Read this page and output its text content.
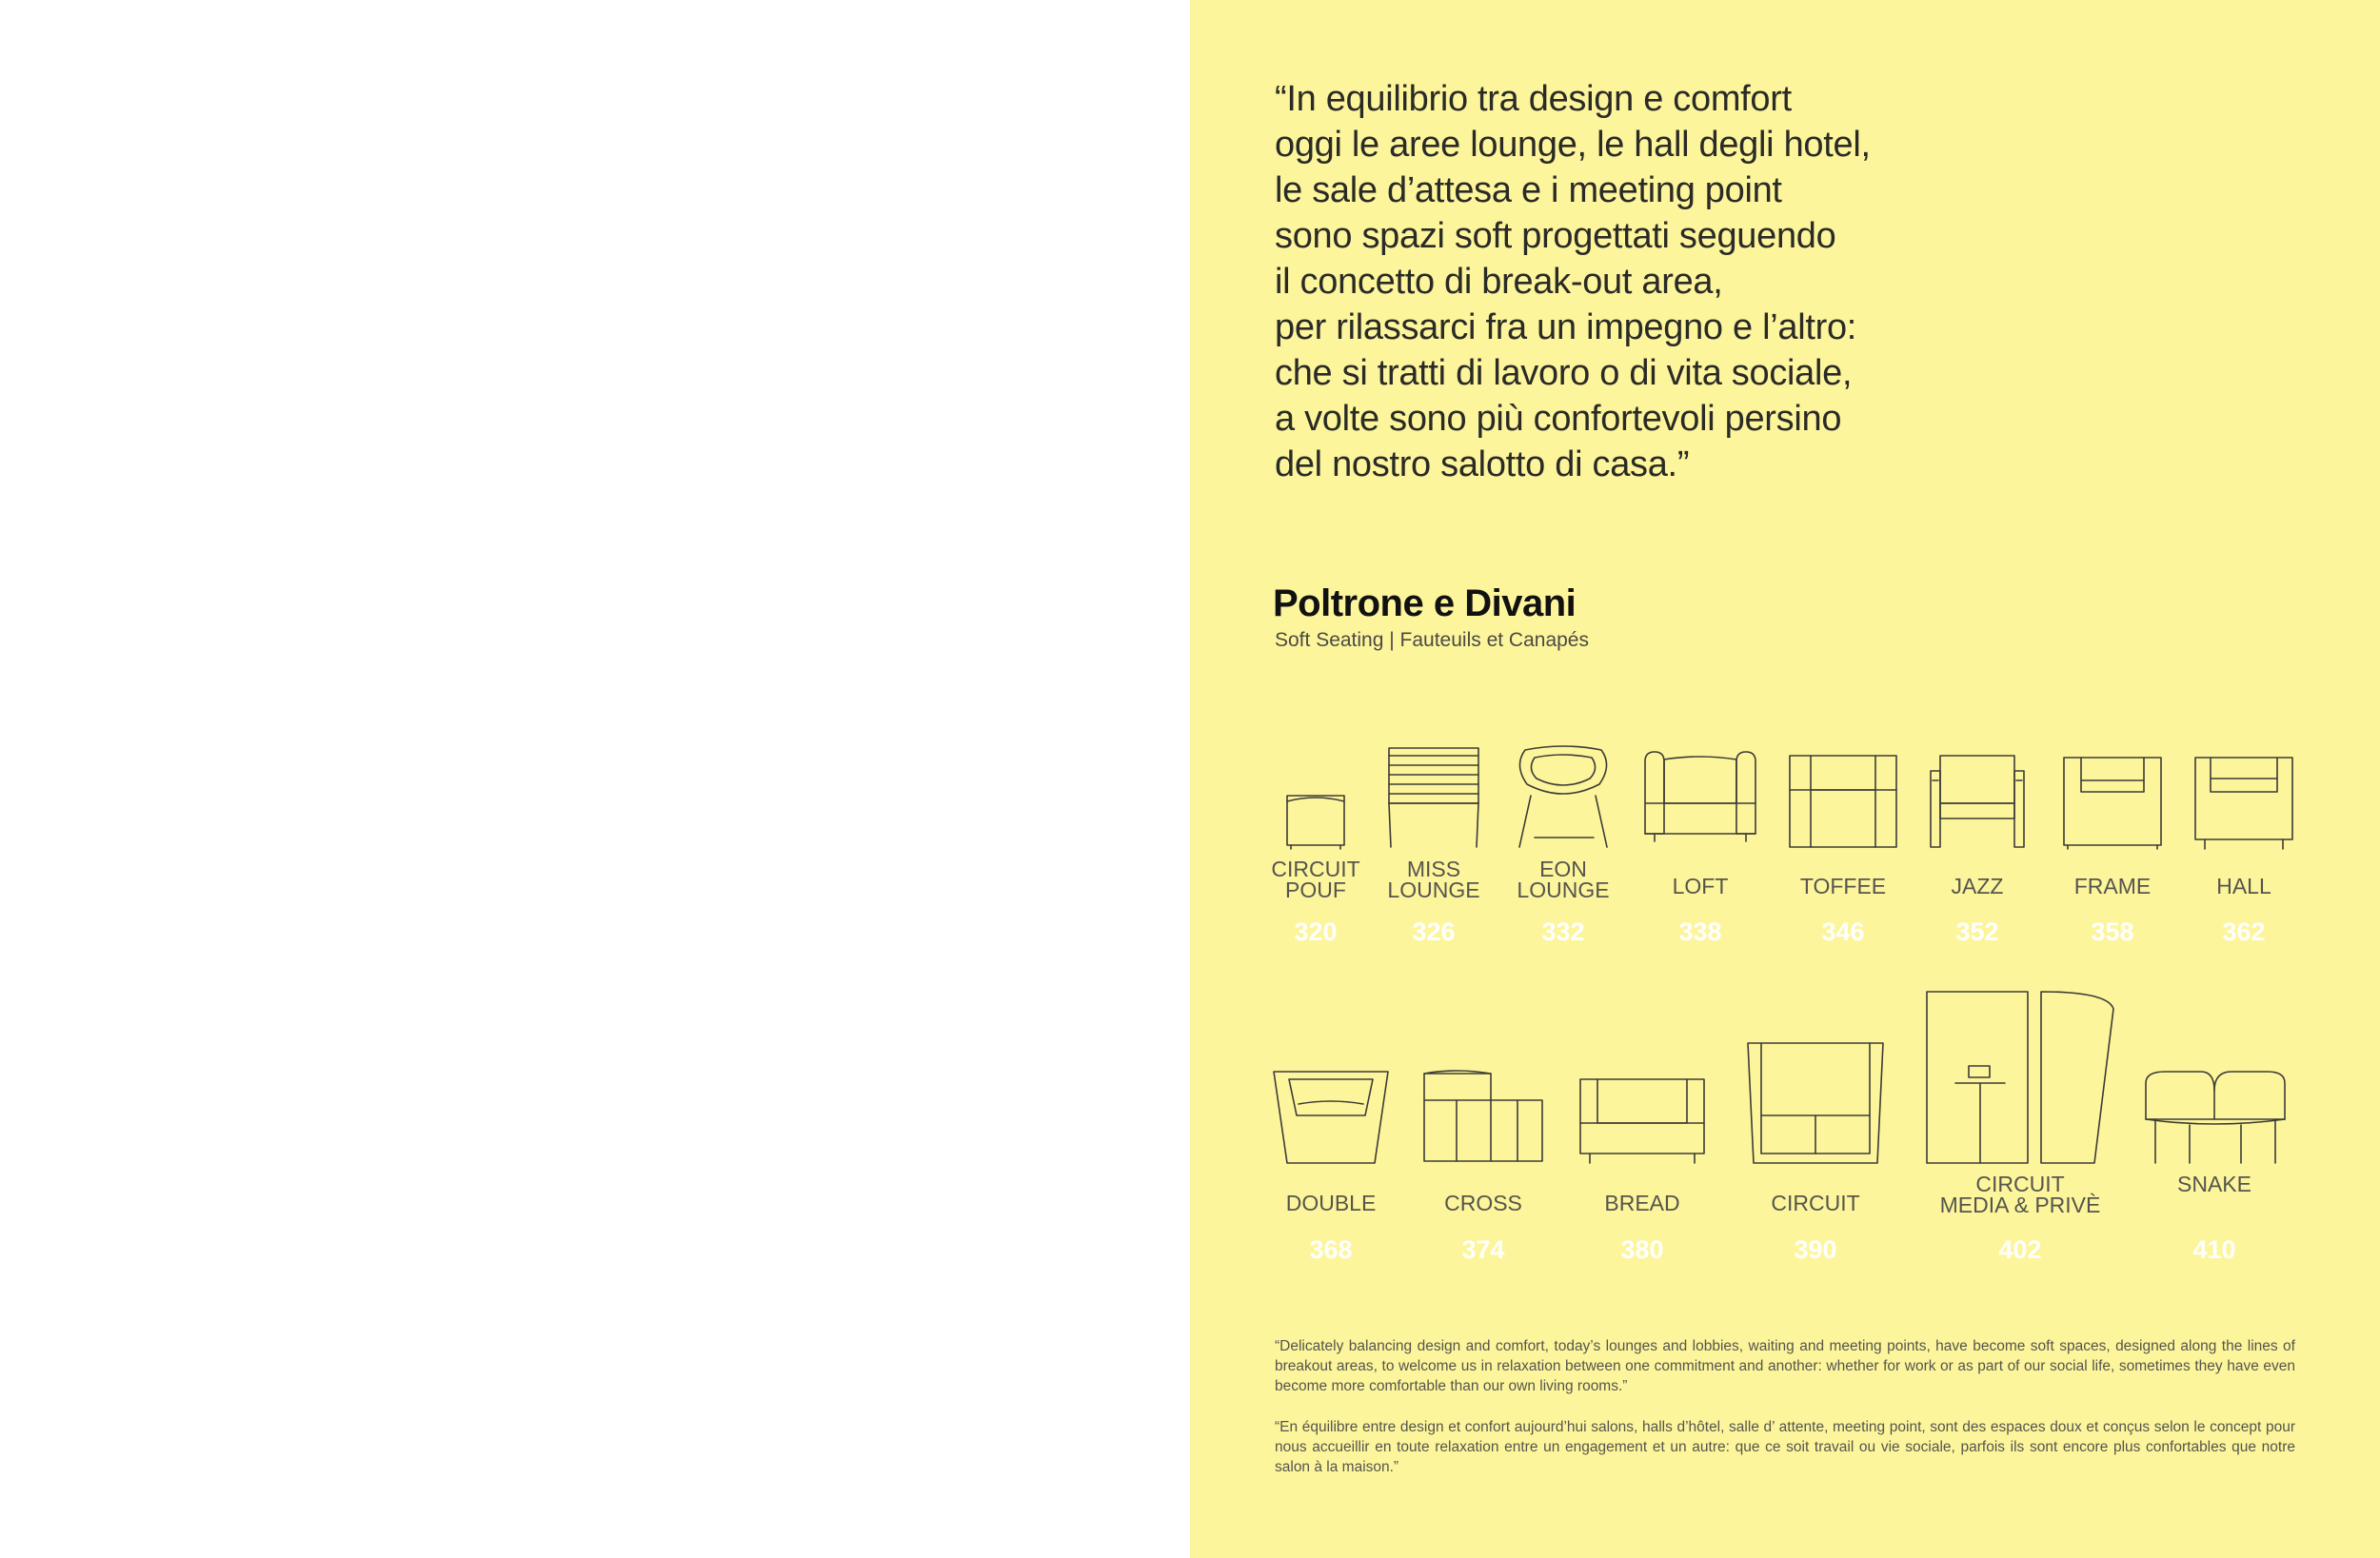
“In equilibrio tra design e comfort
oggi le aree lounge, le hall degli hotel,
le sale d’attesa e i meeting point
sono spazi soft progettati seguendo
il concetto di break-out area,
per rilassarci fra un impegno e l’altro:
che si tratti di lavoro o di vita sociale,
a volte sono più confortevoli persino
del nostro salotto di casa.”
Poltrone e Divani
Soft Seating | Fauteuils et Canapés
CIRCUIT
POUF
320
MISS
LOUNGE
326
EON
LOUNGE
332
LOFT
338
TOFFEE
346
JAZZ
352
FRAME
358
HALL
362
DOUBLE
368
CROSS
374
BREAD
380
CIRCUIT
390
CIRCUIT
MEDIA & PRIVÈ
402
SNAKE
410
“Delicately balancing design and comfort, today’s lounges and lobbies, waiting and meeting points, have become soft spaces, designed along the lines of breakout areas, to welcome us in relaxation between one commitment and another: whether for work or as part of our social life, sometimes they have even become more comfortable than our own living rooms.”
“En équilibre entre design et confort aujourd’hui salons, halls d’hôtel, salle d’ attente, meeting point, sont des espaces doux et conçus selon le concept pour nous accueillir en toute relaxation entre un engagement et un autre: que ce soit travail ou vie sociale, parfois ils sont encore plus confortables que notre salon à la maison.”
